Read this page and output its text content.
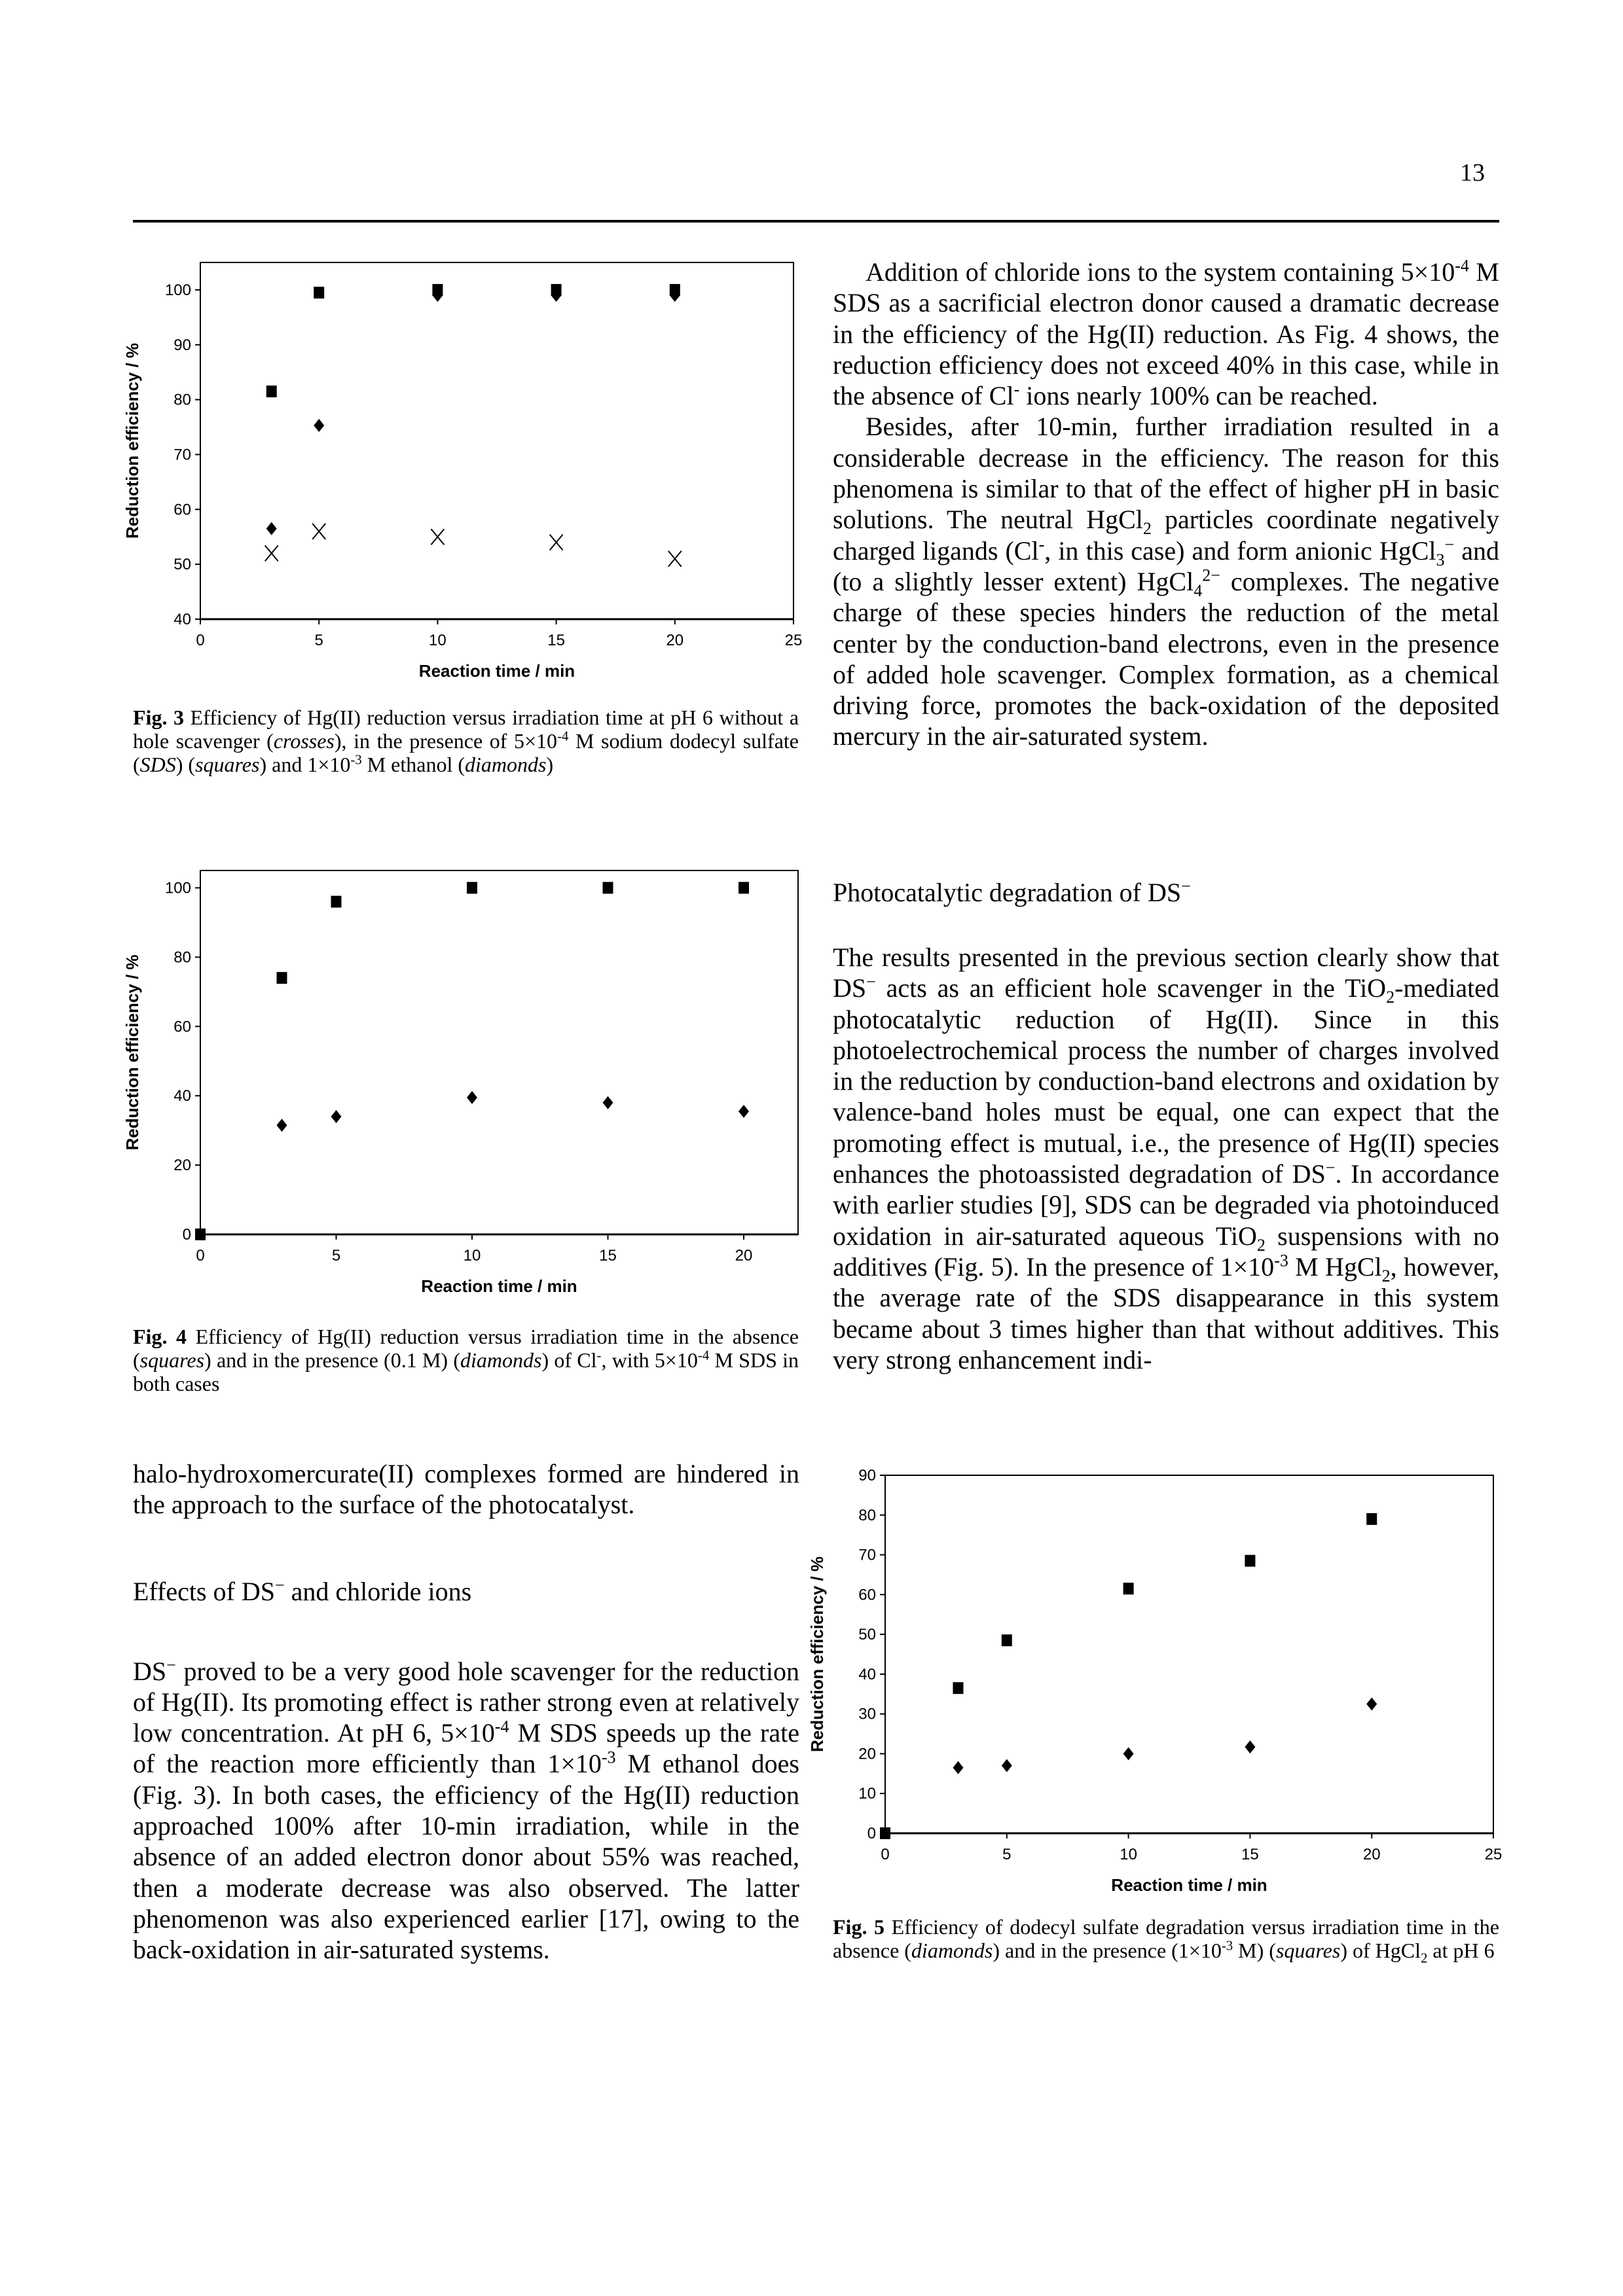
13
40
50
60
70
80
90
100
0	5	10	15	20	25
Reaction time / min
Reduction efficiency / %
Fig. 3 Efficiency of Hg(II) reduction versus irradiation time at pH 6 without a hole scavenger (crosses), in the presence of $5\times 10^{-4}$ M sodium dodecyl sulfate (SDS) (squares) and $1\times 10^{-3}$ M ethanol (diamonds)
0
20
40
60
80
100
0	5	10	15	20
Reaction time / min
Reduction efficiency / %
Fig. 4 Efficiency of Hg(II) reduction versus irradiation time in the absence (squares) and in the presence (0.1 M) (diamonds) of Cl-, with $5\times 10^{-4}$ M SDS in both cases
0
10
20
30
40
50
60
70
80
90
0	5	10	15	20	25
Reaction time / min
Reduction efficiency / %
Fig. 5 Efficiency of dodecyl sulfate degradation versus irradiation time in the absence (diamonds) and in the presence ($1\times 10^{-3}$ M) (squares) of HgCl$_2$ at pH 6

Addition of chloride ions to the system containing $5\times 10^{-4}$ M SDS as a sacrificial electron donor caused a dramatic decrease in the efficiency of the Hg(II) reduction. As Fig. 4 shows, the reduction efficiency does not exceed 40% in this case, while in the absence of Cl- ions nearly 100% can be reached.

Besides, after 10-min, further irradiation resulted in a considerable decrease in the efficiency. The reason for this phenomena is similar to that of the effect of higher pH in basic solutions. The neutral HgCl$_2$ particles coordinate negatively charged ligands (Cl-, in this case) and form anionic HgCl$_3$− and (to a slightly lesser extent) HgCl$_4^{2-}$ complexes. The negative charge of these species hinders the reduction of the metal center by the conduction-band electrons, even in the presence of added hole scavenger. Complex formation, as a chemical driving force, promotes the back-oxidation of the deposited mercury in the air-saturated system.

Photocatalytic degradation of DS−

The results presented in the previous section clearly show that DS− acts as an efficient hole scavenger in the TiO$_2$-mediated photocatalytic reduction of Hg(II). Since in this photoelectrochemical process the number of charges involved in the reduction by conduction-band electrons and oxidation by valence-band holes must be equal, one can expect that the promoting effect is mutual, i.e., the presence of Hg(II) species enhances the photoassisted degradation of DS−. In accordance with earlier studies [9], SDS can be degraded via photoinduced oxidation in air-saturated aqueous TiO$_2$ suspensions with no additives (Fig. 5). In the presence of $1\times 10^{-3}$ M HgCl$_2$, however, the average rate of the SDS disappearance in this system became about 3 times higher than that without additives. This very strong enhancement indi-

halo-hydroxomercurate(II) complexes formed are hindered in the approach to the surface of the photocatalyst.

Effects of DS− and chloride ions

DS− proved to be a very good hole scavenger for the reduction of Hg(II). Its promoting effect is rather strong even at relatively low concentration. At pH 6, $5\times 10^{-4}$ M SDS speeds up the rate of the reaction more efficiently than $1\times 10^{-3}$ M ethanol does (Fig. 3). In both cases, the efficiency of the Hg(II) reduction approached 100% after 10-min irradiation, while in the absence of an added electron donor about 55% was reached, then a moderate decrease was also observed. The latter phenomenon was also experienced earlier [17], owing to the back-oxidation in air-saturated systems.
